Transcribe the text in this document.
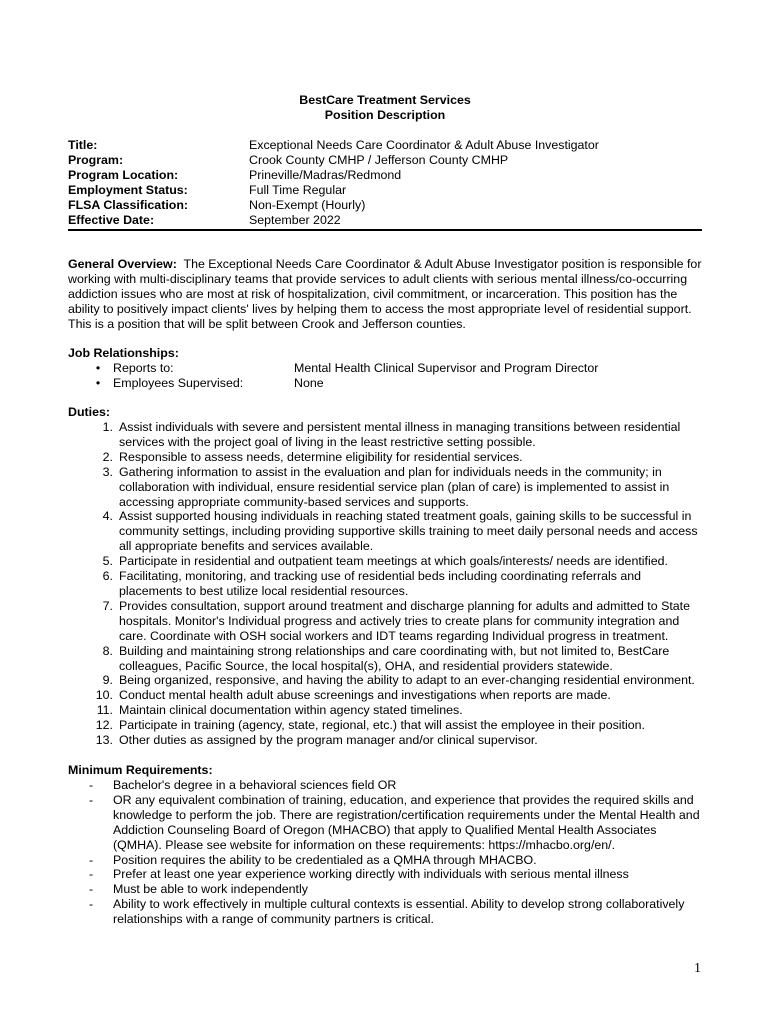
BestCare Treatment Services
Position Description
Title:	Exceptional Needs Care Coordinator & Adult Abuse Investigator
Program:	Crook County CMHP / Jefferson County CMHP
Program Location:	Prineville/Madras/Redmond
Employment Status:	Full Time Regular
FLSA Classification:	Non-Exempt (Hourly)
Effective Date:	September 2022

General Overview: The Exceptional Needs Care Coordinator & Adult Abuse Investigator position is responsible for working with multi-disciplinary teams that provide services to adult clients with serious mental illness/co-occurring addiction issues who are most at risk of hospitalization, civil commitment, or incarceration. This position has the ability to positively impact clients' lives by helping them to access the most appropriate level of residential support. This is a position that will be split between Crook and Jefferson counties.

Job Relationships:

•	Reports to:	Mental Health Clinical Supervisor and Program Director
•	Employees Supervised:	None

Duties:

1. Assist individuals with severe and persistent mental illness in managing transitions between residential services with the project goal of living in the least restrictive setting possible.
2. Responsible to assess needs, determine eligibility for residential services.
3. Gathering information to assist in the evaluation and plan for individuals needs in the community; in collaboration with individual, ensure residential service plan (plan of care) is implemented to assist in accessing appropriate community-based services and supports.
4. Assist supported housing individuals in reaching stated treatment goals, gaining skills to be successful in community settings, including providing supportive skills training to meet daily personal needs and access all appropriate benefits and services available.
5. Participate in residential and outpatient team meetings at which goals/interests/ needs are identified.
6. Facilitating, monitoring, and tracking use of residential beds including coordinating referrals and placements to best utilize local residential resources.
7. Provides consultation, support around treatment and discharge planning for adults and admitted to State hospitals. Monitor's Individual progress and actively tries to create plans for community integration and care. Coordinate with OSH social workers and IDT teams regarding Individual progress in treatment.
8. Building and maintaining strong relationships and care coordinating with, but not limited to, BestCare colleagues, Pacific Source, the local hospital(s), OHA, and residential providers statewide.
9. Being organized, responsive, and having the ability to adapt to an ever-changing residential environment.
10. Conduct mental health adult abuse screenings and investigations when reports are made.
11. Maintain clinical documentation within agency stated timelines.
12. Participate in training (agency, state, regional, etc.) that will assist the employee in their position.
13. Other duties as assigned by the program manager and/or clinical supervisor.

Minimum Requirements:

-	Bachelor's degree in a behavioral sciences field OR
-	OR any equivalent combination of training, education, and experience that provides the required skills and knowledge to perform the job. There are registration/certification requirements under the Mental Health and Addiction Counseling Board of Oregon (MHACBO) that apply to Qualified Mental Health Associates (QMHA). Please see website for information on these requirements: https://mhacbo.org/en/.
-	Position requires the ability to be credentialed as a QMHA through MHACBO.
-	Prefer at least one year experience working directly with individuals with serious mental illness
-	Must be able to work independently
-	Ability to work effectively in multiple cultural contexts is essential. Ability to develop strong collaboratively relationships with a range of community partners is critical.
1
